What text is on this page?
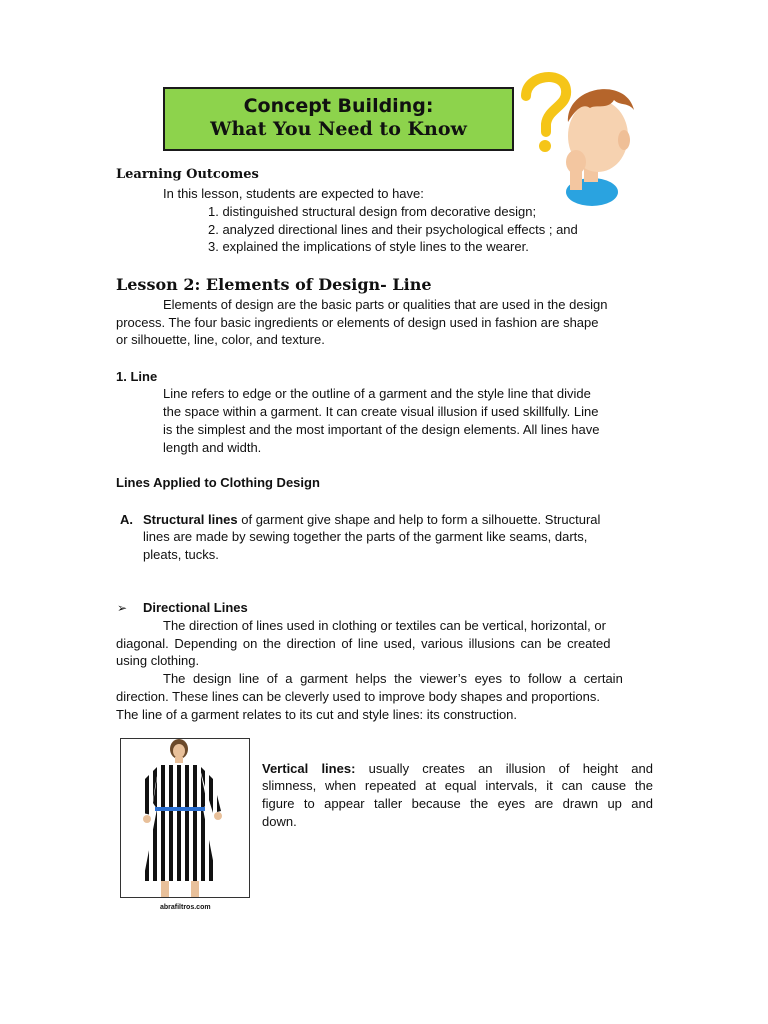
Concept Building:
What You Need to Know
Learning Outcomes
In this lesson, students are expected to have:
1. distinguished structural design from decorative design;
2. analyzed directional lines and their psychological effects ; and
3. explained the implications of style lines to the wearer.
Lesson 2: Elements of Design- Line
Elements of design are the basic parts or qualities that are used in the design
process. The four basic ingredients or elements of design used in fashion are shape
or silhouette, line, color, and texture.
1. Line
Line refers to edge or the outline of a garment and the style line that divide
the space within a garment. It can create visual illusion if used skillfully. Line
is the simplest and the most important of the design elements. All lines have
length and width.
Lines Applied to Clothing Design
A. Structural lines of garment give shape and help to form a silhouette. Structural
lines are made by sewing together the parts of the garment like seams, darts,
pleats, tucks.
➢ Directional Lines
The direction of lines used in clothing or textiles can be vertical, horizontal, or
diagonal. Depending on the direction of line used, various illusions can be created
using clothing.
The design line of a garment helps the viewer’s eyes to follow a certain
direction. These lines can be cleverly used to improve body shapes and proportions.
The line of a garment relates to its cut and style lines: its construction.
abrafiltros.com
Vertical lines: usually creates an illusion of height and
slimness, when repeated at equal intervals, it can cause the
figure to appear taller because the eyes are drawn up and
down.
